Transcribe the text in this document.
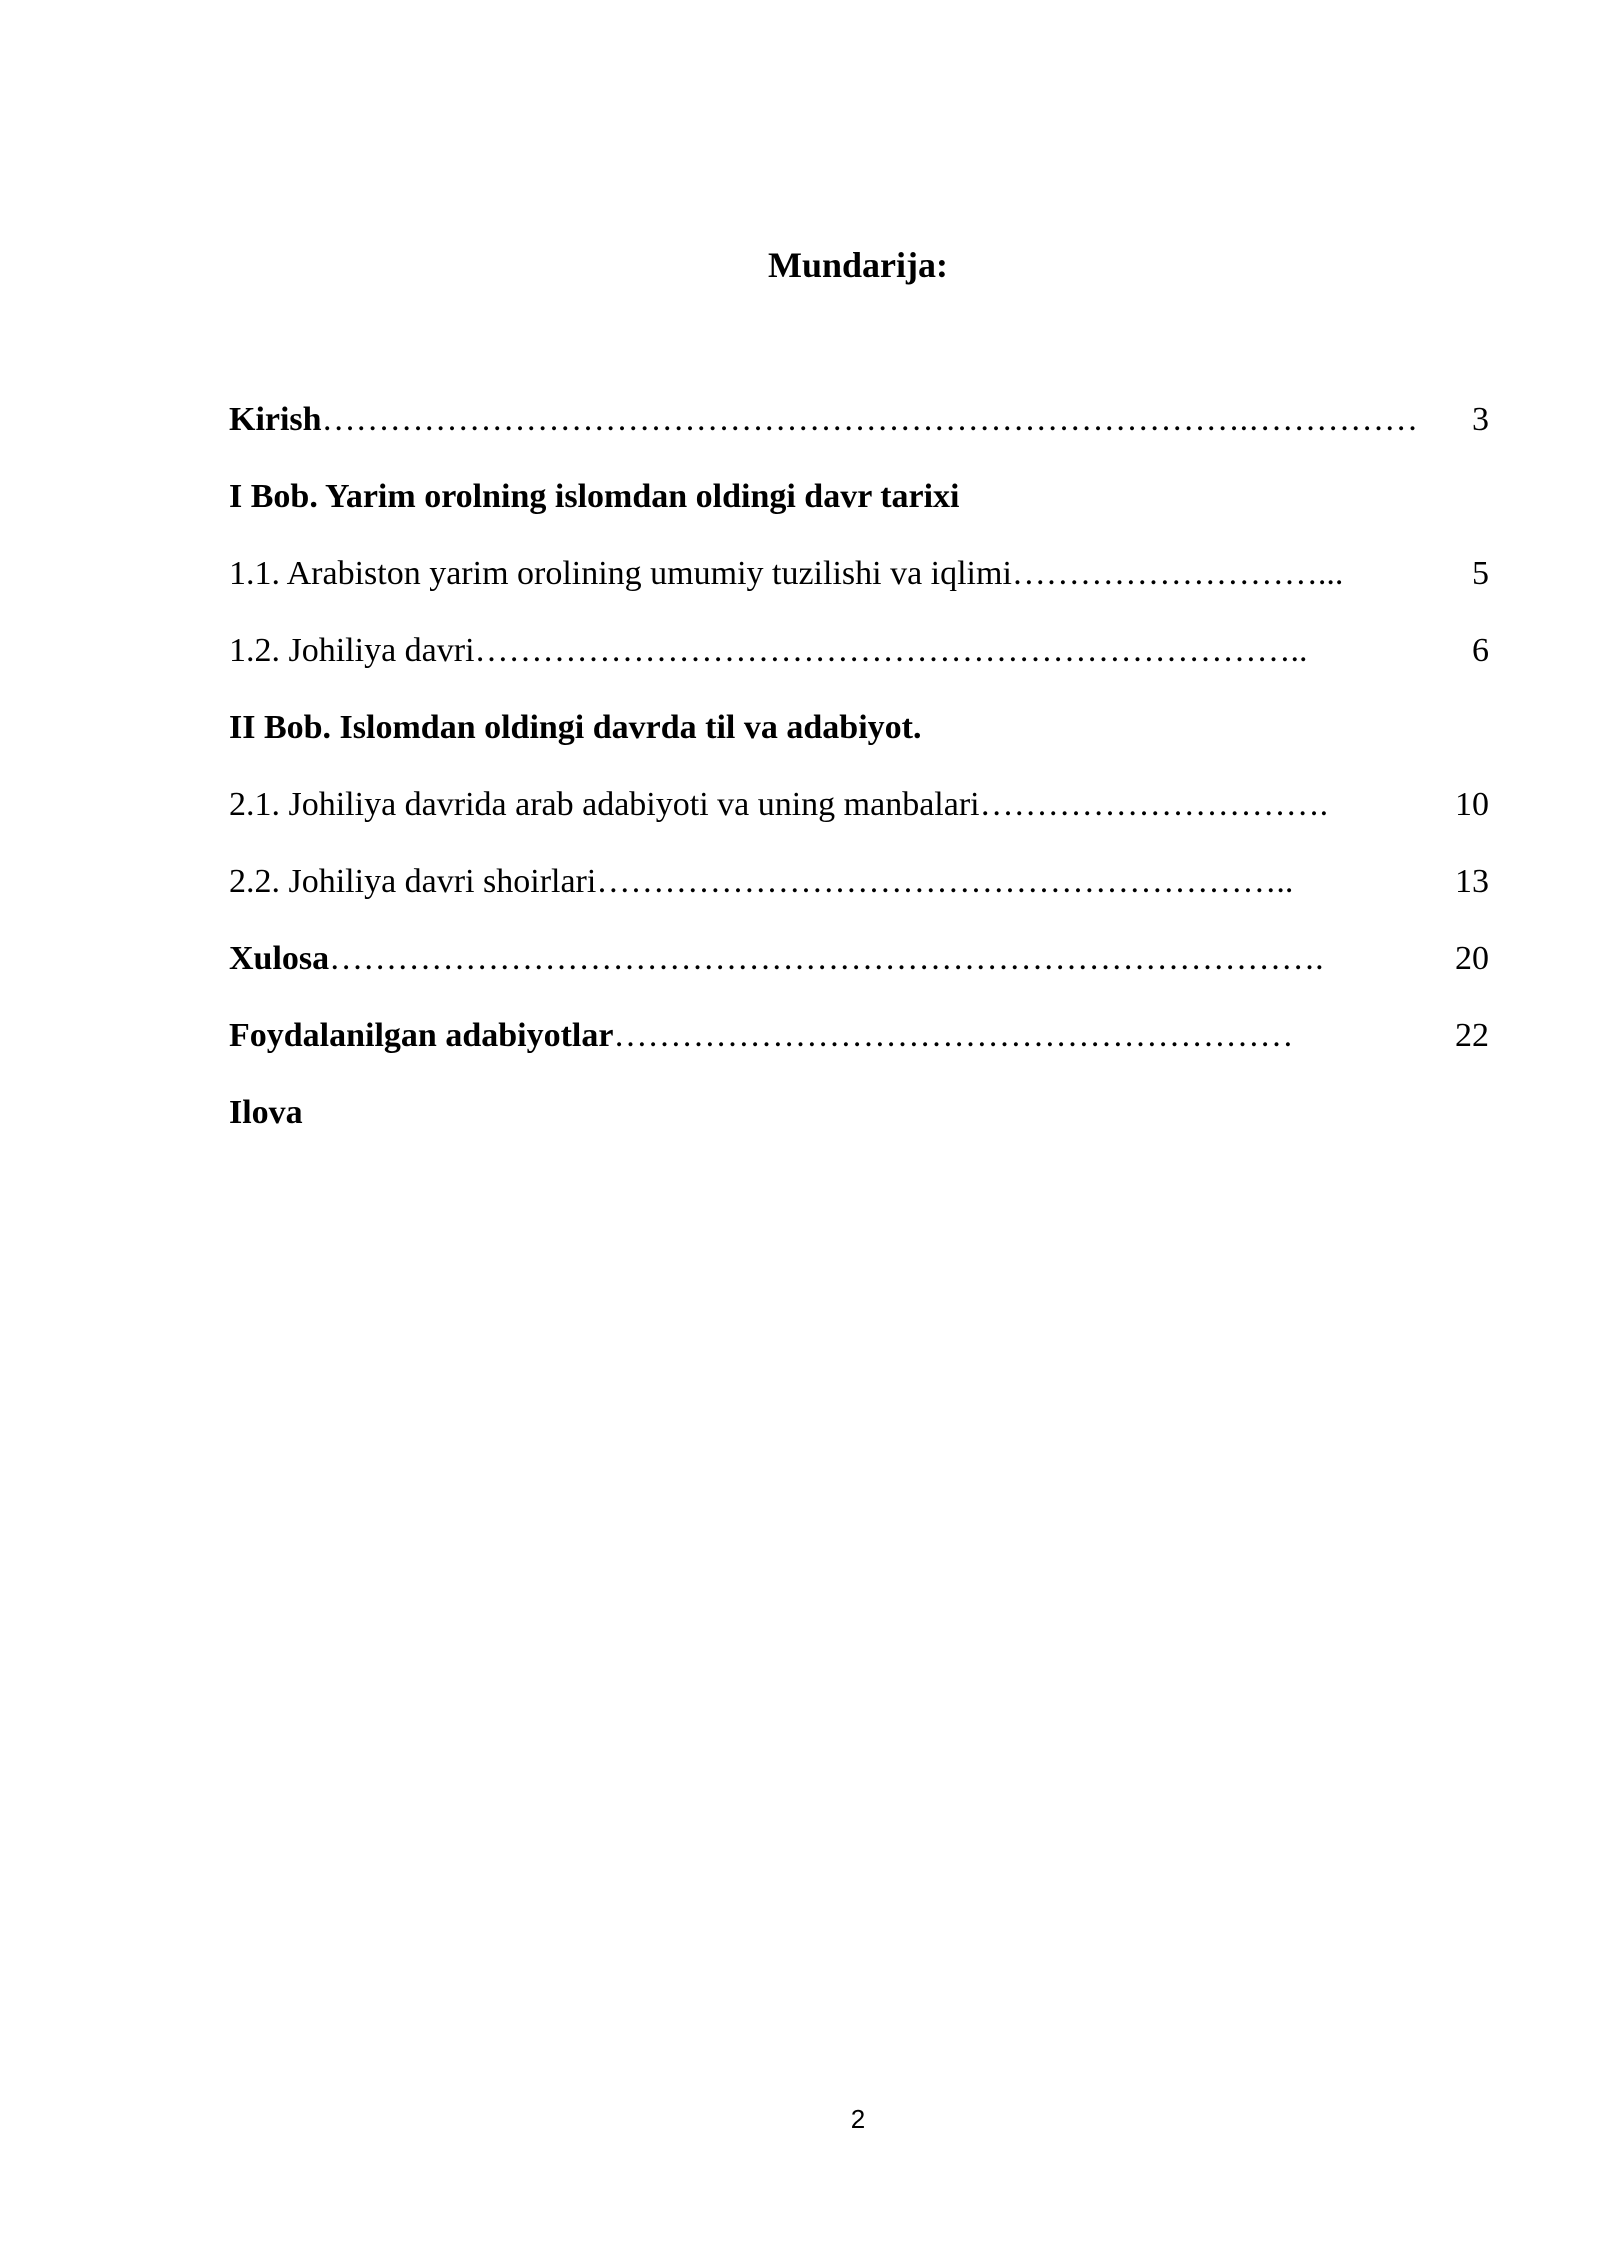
Mundarija:
Kirish ……………………………………………………………………….……………	3
I Bob. Yarim orolning islomdan oldingi davr tarixi
1.1. Arabiston yarim orolining umumiy tuzilishi va iqlimi ………………………...	5
1.2. Johiliya davri ………………………………………………………………..	6
II Bob. Islomdan oldingi davrda til va adabiyot.
2.1. Johiliya davrida arab adabiyoti va uning manbalari ………………………….	10
2.2. Johiliya davri shoirlari ……………………………………………………..	13
Xulosa …………………………………………………………………………….	20
Foydalanilgan adabiyotlar ……………………………………………………	22
Ilova
2
